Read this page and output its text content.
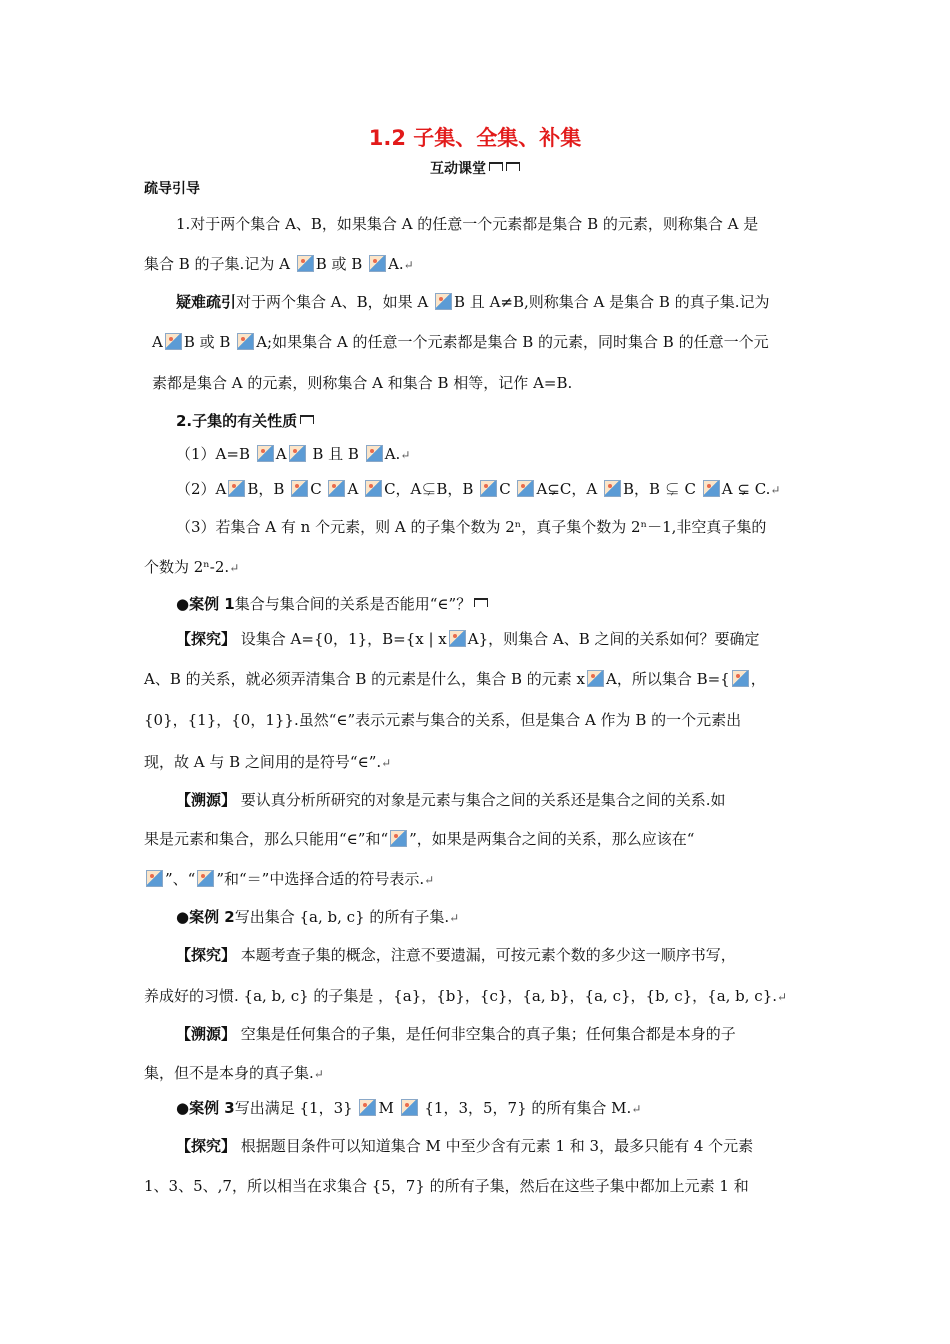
1.2 子集、全集、补集
互动课堂
疏导引导
1.对于两个集合 A、B，如果集合 A 的任意一个元素都是集合 B 的元素，则称集合 A 是
集合 B 的子集.记为 A B 或 B A.↵
疑难疏引对于两个集合 A、B，如果 A B 且 A≠B,则称集合 A 是集合 B 的真子集.记为
A B 或 B A;如果集合 A 的任意一个元素都是集合 B 的元素，同时集合 B 的任意一个元
素都是集合 A 的元素，则称集合 A 和集合 B 相等，记作 A=B.
2.子集的有关性质
（1）A=B A B 且 B A.↵
（2）A B，B C A C，A⊊B，B C A⊊C，A B，B ⊊ C A ⊊ C.↵
（3）若集合 A 有 n 个元素，则 A 的子集个数为 2ⁿ，真子集个数为 2ⁿ－1,非空真子集的
个数为 2ⁿ-2.↵
●案例 1集合与集合间的关系是否能用“∈”？
【探究】 设集合 A={0，1}，B={x | x A}，则集合 A、B 之间的关系如何？要确定
A、B 的关系，就必须弄清集合 B 的元素是什么，集合 B 的元素 x A，所以集合 B={ ，
{0}，{1}，{0，1}}.虽然“∈”表示元素与集合的关系，但是集合 A 作为 B 的一个元素出
现，故 A 与 B 之间用的是符号“∈”.↵
【溯源】 要认真分析所研究的对象是元素与集合之间的关系还是集合之间的关系.如
果是元素和集合，那么只能用“∈”和“ ”，如果是两集合之间的关系，那么应该在“
”、“ ”和“＝”中选择合适的符号表示.↵
●案例 2写出集合 {a, b, c} 的所有子集.↵
【探究】 本题考查子集的概念，注意不要遗漏，可按元素个数的多少这一顺序书写，
养成好的习惯. {a, b, c} 的子集是 ，{a}，{b}，{c}，{a, b}，{a, c}，{b, c}，{a, b, c}.↵
【溯源】 空集是任何集合的子集，是任何非空集合的真子集；任何集合都是本身的子
集，但不是本身的真子集.↵
●案例 3写出满足 {1，3} M  {1，3，5，7} 的所有集合 M.↵
【探究】 根据题目条件可以知道集合 M 中至少含有元素 1 和 3，最多只能有 4 个元素
1、3、5、,7，所以相当在求集合 {5，7} 的所有子集，然后在这些子集中都加上元素 1 和
